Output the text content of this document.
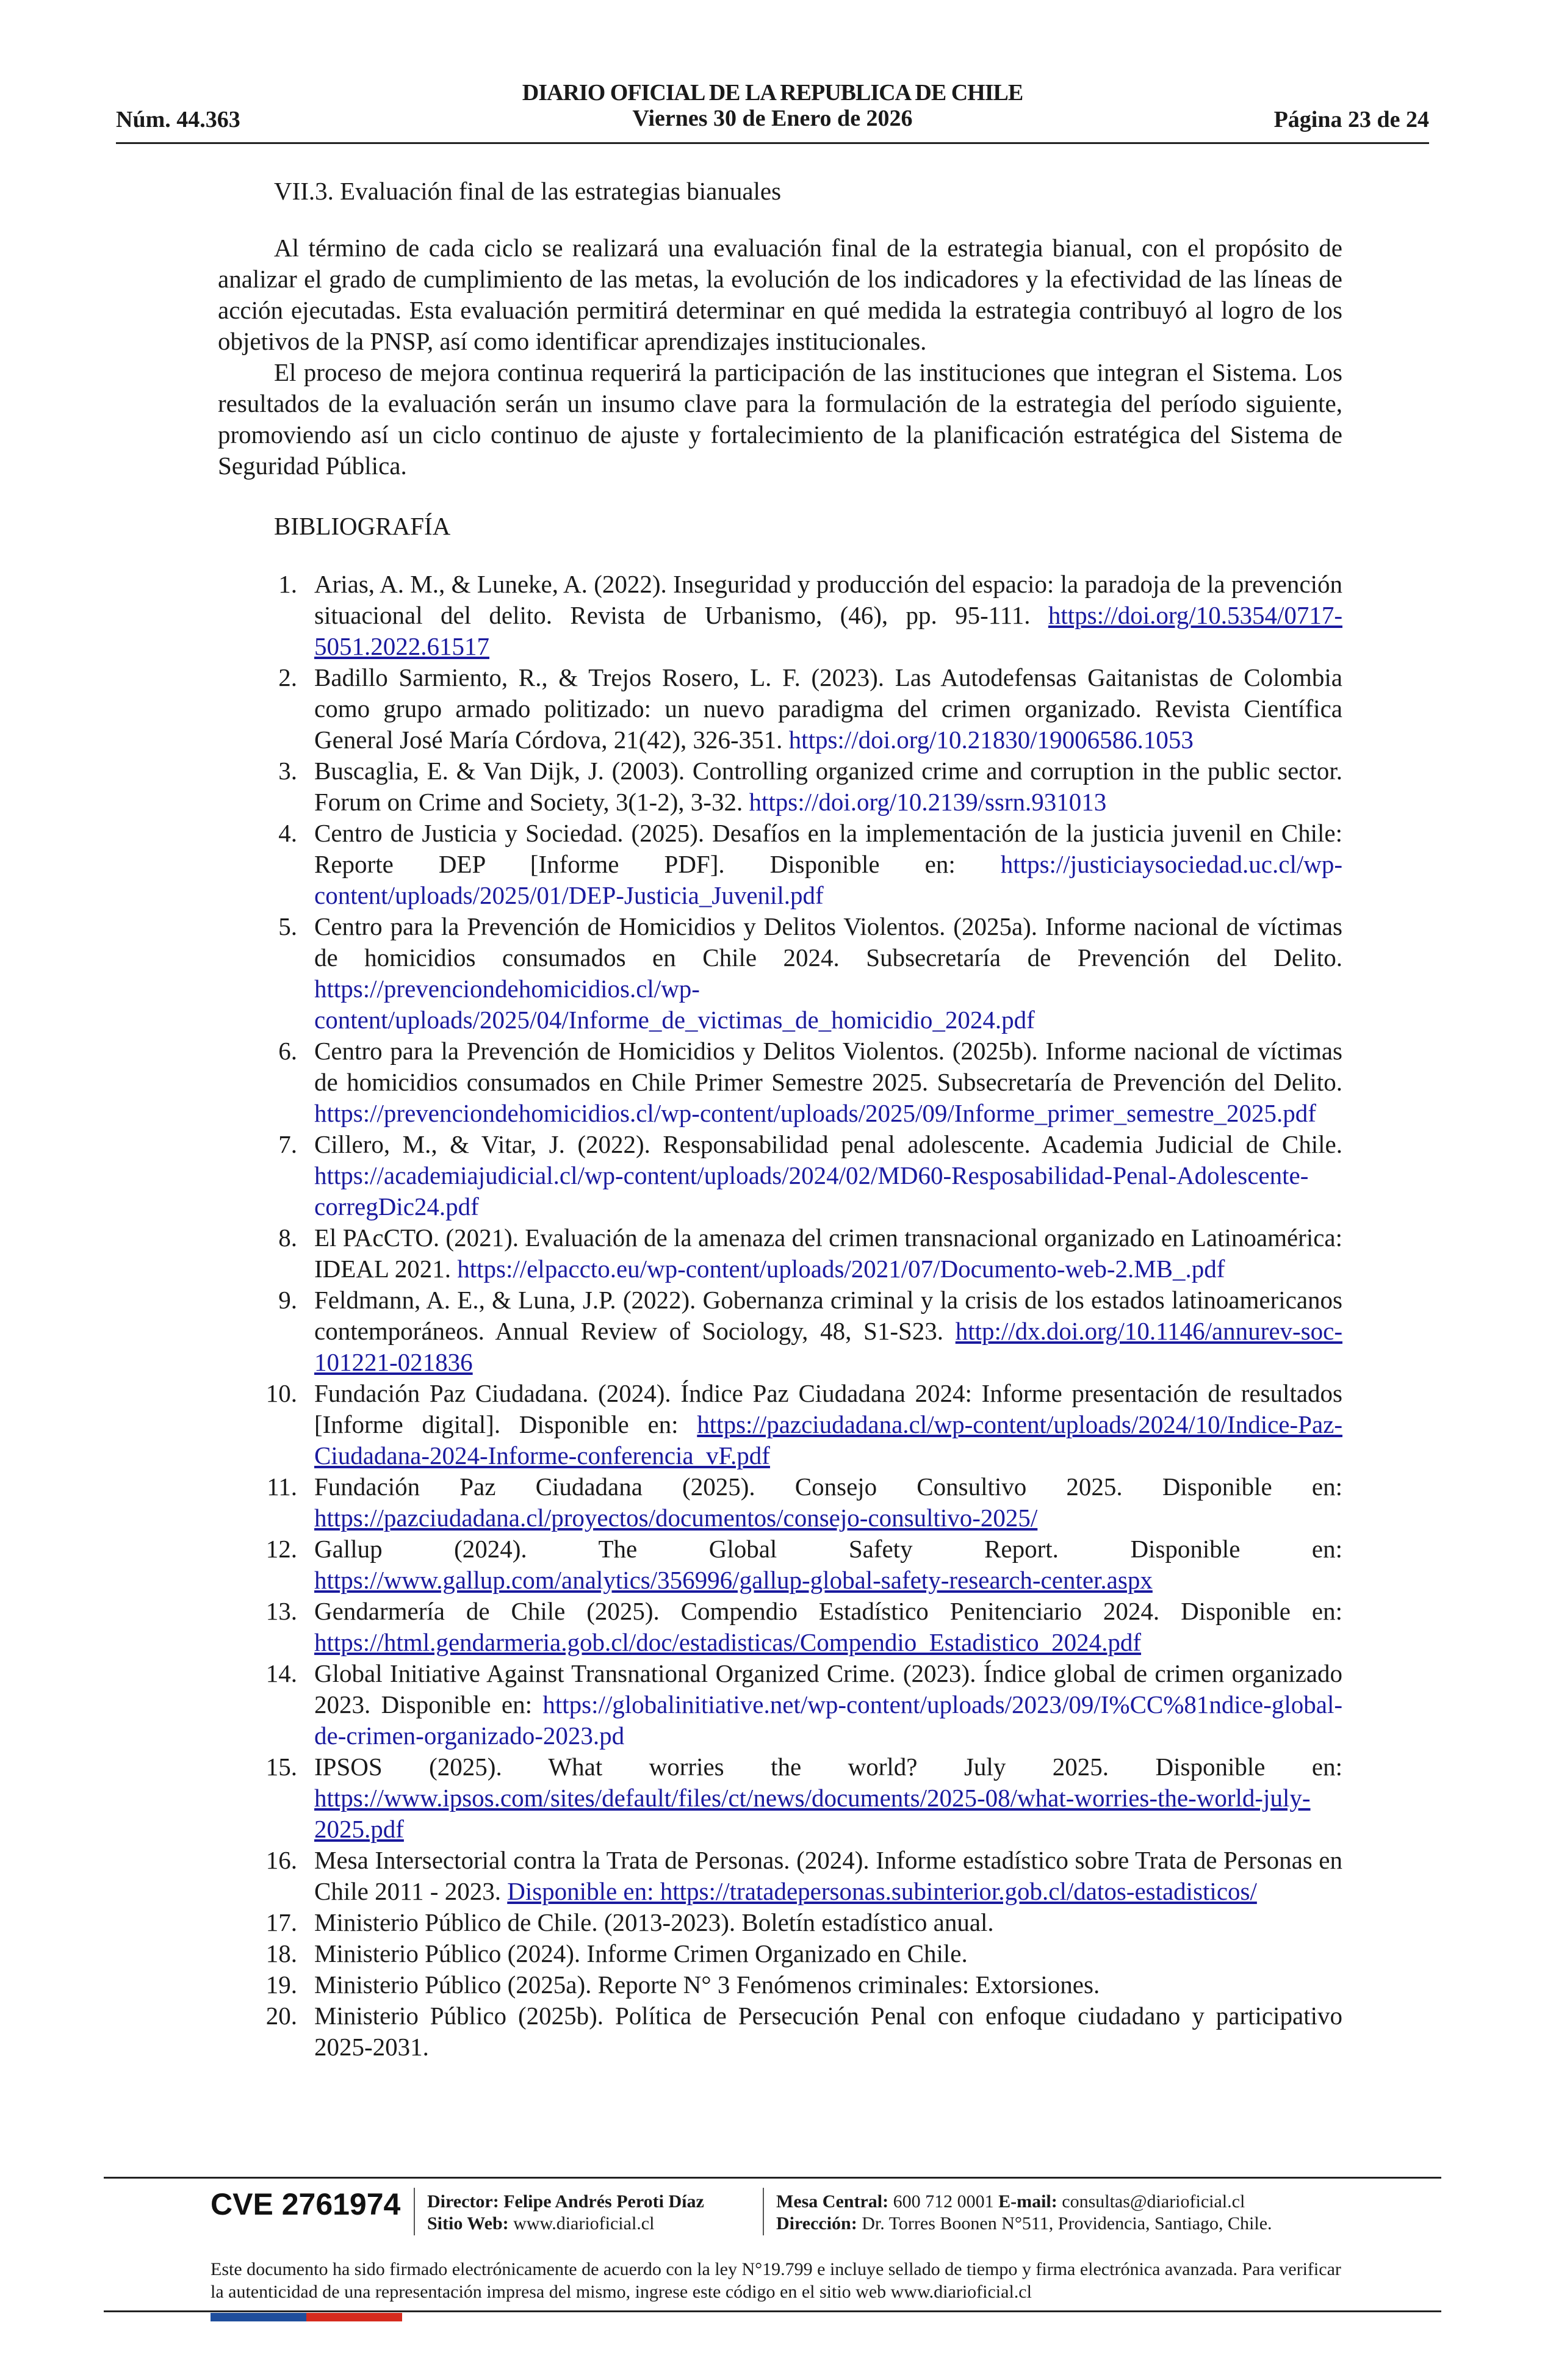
DIARIO OFICIAL DE LA REPUBLICA DE CHILE
Núm. 44.363	Viernes 30 de Enero de 2026	Página 23 de 24

VII.3. Evaluación final de las estrategias bianuales

Al término de cada ciclo se realizará una evaluación final de la estrategia bianual, con el propósito de analizar el grado de cumplimiento de las metas, la evolución de los indicadores y la efectividad de las líneas de acción ejecutadas. Esta evaluación permitirá determinar en qué medida la estrategia contribuyó al logro de los objetivos de la PNSP, así como identificar aprendizajes institucionales.

El proceso de mejora continua requerirá la participación de las instituciones que integran el Sistema. Los resultados de la evaluación serán un insumo clave para la formulación de la estrategia del período siguiente, promoviendo así un ciclo continuo de ajuste y fortalecimiento de la planificación estratégica del Sistema de Seguridad Pública.

BIBLIOGRAFÍA

1. Arias, A. M., & Luneke, A. (2022). Inseguridad y producción del espacio: la paradoja de la prevención situacional del delito. Revista de Urbanismo, (46), pp. 95-111. https://doi.org/10.5354/0717-5051.2022.61517
2. Badillo Sarmiento, R., & Trejos Rosero, L. F. (2023). Las Autodefensas Gaitanistas de Colombia como grupo armado politizado: un nuevo paradigma del crimen organizado. Revista Científica General José María Córdova, 21(42), 326-351. https://doi.org/10.21830/19006586.1053
3. Buscaglia, E. & Van Dijk, J. (2003). Controlling organized crime and corruption in the public sector. Forum on Crime and Society, 3(1-2), 3-32. https://doi.org/10.2139/ssrn.931013
4. Centro de Justicia y Sociedad. (2025). Desafíos en la implementación de la justicia juvenil en Chile: Reporte DEP [Informe PDF]. Disponible en: https://justiciaysociedad.uc.cl/wp-content/uploads/2025/01/DEP-Justicia_Juvenil.pdf
5. Centro para la Prevención de Homicidios y Delitos Violentos. (2025a). Informe nacional de víctimas de homicidios consumados en Chile 2024. Subsecretaría de Prevención del Delito. https://prevenciondehomicidios.cl/wp-content/uploads/2025/04/Informe_de_victimas_de_homicidio_2024.pdf
6. Centro para la Prevención de Homicidios y Delitos Violentos. (2025b). Informe nacional de víctimas de homicidios consumados en Chile Primer Semestre 2025. Subsecretaría de Prevención del Delito. https://prevenciondehomicidios.cl/wp-content/uploads/2025/09/Informe_primer_semestre_2025.pdf
7. Cillero, M., & Vitar, J. (2022). Responsabilidad penal adolescente. Academia Judicial de Chile. https://academiajudicial.cl/wp-content/uploads/2024/02/MD60-Resposabilidad-Penal-Adolescente-corregDic24.pdf
8. El PAcCTO. (2021). Evaluación de la amenaza del crimen transnacional organizado en Latinoamérica: IDEAL 2021. https://elpaccto.eu/wp-content/uploads/2021/07/Documento-web-2.MB_.pdf
9. Feldmann, A. E., & Luna, J.P. (2022). Gobernanza criminal y la crisis de los estados latinoamericanos contemporáneos. Annual Review of Sociology, 48, S1-S23. http://dx.doi.org/10.1146/annurev-soc-101221-021836
10. Fundación Paz Ciudadana. (2024). Índice Paz Ciudadana 2024: Informe presentación de resultados [Informe digital]. Disponible en: https://pazciudadana.cl/wp-content/uploads/2024/10/Indice-Paz-Ciudadana-2024-Informe-conferencia_vF.pdf
11. Fundación Paz Ciudadana (2025). Consejo Consultivo 2025. Disponible en: https://pazciudadana.cl/proyectos/documentos/consejo-consultivo-2025/
12. Gallup (2024). The Global Safety Report. Disponible en: https://www.gallup.com/analytics/356996/gallup-global-safety-research-center.aspx
13. Gendarmería de Chile (2025). Compendio Estadístico Penitenciario 2024. Disponible en: https://html.gendarmeria.gob.cl/doc/estadisticas/Compendio_Estadistico_2024.pdf
14. Global Initiative Against Transnational Organized Crime. (2023). Índice global de crimen organizado 2023. Disponible en: https://globalinitiative.net/wp-content/uploads/2023/09/I%CC%81ndice-global-de-crimen-organizado-2023.pd
15. IPSOS (2025). What worries the world? July 2025. Disponible en: https://www.ipsos.com/sites/default/files/ct/news/documents/2025-08/what-worries-the-world-july-2025.pdf
16. Mesa Intersectorial contra la Trata de Personas. (2024). Informe estadístico sobre Trata de Personas en Chile 2011 - 2023. Disponible en: https://tratadepersonas.subinterior.gob.cl/datos-estadisticos/
17. Ministerio Público de Chile. (2013-2023). Boletín estadístico anual.
18. Ministerio Público (2024). Informe Crimen Organizado en Chile.
19. Ministerio Público (2025a). Reporte N° 3 Fenómenos criminales: Extorsiones.
20. Ministerio Público (2025b). Política de Persecución Penal con enfoque ciudadano y participativo 2025-2031.
CVE 2761974 Director: Felipe Andrés Peroti Díaz
Sitio Web: www.diarioficial.cl
Mesa Central: 600 712 0001 E-mail: consultas@diarioficial.cl
Dirección: Dr. Torres Boonen N°511, Providencia, Santiago, Chile.
Este documento ha sido firmado electrónicamente de acuerdo con la ley N°19.799 e incluye sellado de tiempo y firma electrónica avanzada. Para verificar la autenticidad de una representación impresa del mismo, ingrese este código en el sitio web www.diarioficial.cl
